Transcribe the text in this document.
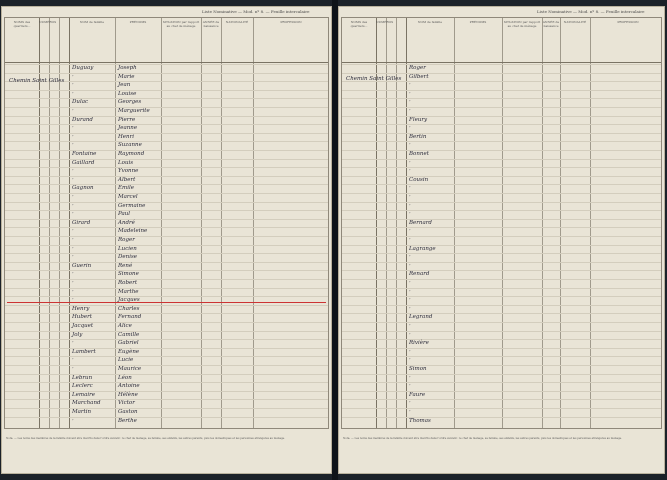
Liste Nominative — Mod. nº 8. — Feuille intercalaire
NOMS des quartiers...
NUMÉROS	NOM de famille	PRÉNOMS	SITUATION par rapport au chef de ménage
ANNÉE de naissance
NATIONALITÉ	PROFESSION
Chemin Saint Gilles
Duguay	Joseph
·	Marie
·	Jean
·	Louise
Dulac	Georges
·	Marguerite
Durand	Pierre
·	Jeanne
·	Henri
·	Suzanne
Fontaine	Raymond
Gaillard	Louis
·	Yvonne
·	Albert
Gagnon	Emile
·	Marcel
·	Germaine
·	Paul
Girard	André
·	Madeleine
·	Roger
·	Lucien
·	Denise
Guerin	René
·	Simone
·	Robert
·	Marthe
·	Jacques
Henry	Charles
Hubert	Fernand
Jacquet	Alice
Joly	Camille
·	Gabriel
Lambert	Eugène
·	Lucie
·	Maurice
Lebrun	Léon
Leclerc	Antoine
Lemaire	Hélène
Marchand	Victor
Martin	Gaston
·	Berthe
Nota. — Les noms des membres de la famille doivent être inscrits dans l'ordre suivant : le chef de ménage, sa femme, ses enfants, les autres parents, puis les domestiques et les personnes étrangères au ménage.
Liste Nominative — Mod. nº 8. — Feuille intercalaire
NOMS des quartiers...
NUMÉROS	NOM de famille	PRÉNOMS	SITUATION par rapport au chef de ménage
ANNÉE de naissance
NATIONALITÉ	PROFESSION
Chemin Saint Gilles
Roger
Gilbert
·
·
·
·
Fleury
·
Bertin
·
Bonnet
·
·
Cousin
·
·
·
·
Bernard
·
·
Lagrange
·
·
Renard
·
·
·
·
Legrand
·
·
Rivière
·
·
Simon
·
·
Faure
·
·
Thomas
Nota. — Les noms des membres de la famille doivent être inscrits dans l'ordre suivant : le chef de ménage, sa femme, ses enfants, les autres parents, puis les domestiques et les personnes étrangères au ménage.
